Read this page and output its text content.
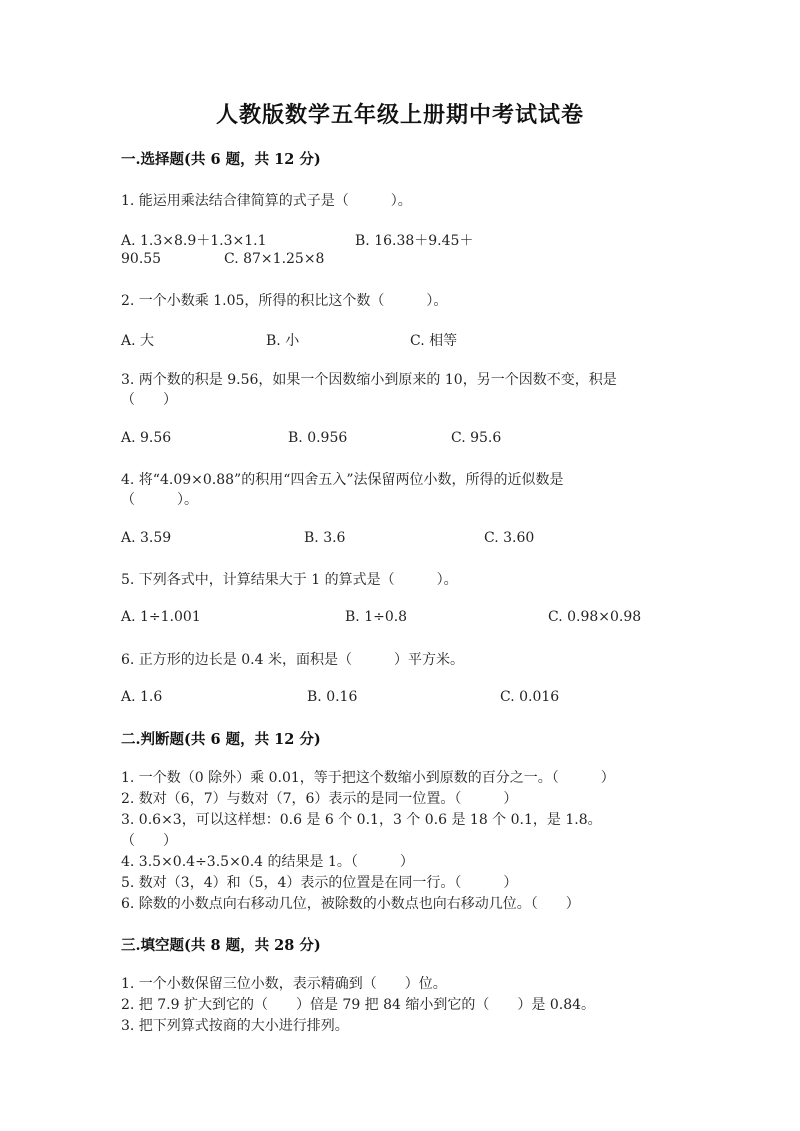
人教版数学五年级上册期中考试试卷
一.选择题(共 6 题，共 12 分)
1. 能运用乘法结合律简算的式子是（　　　）。
A. 1.3×8.9＋1.3×1.1	B. 16.38＋9.45＋
90.55	C. 87×1.25×8
2. 一个小数乘 1.05，所得的积比这个数（　　　）。
A. 大	B. 小	C. 相等
3. 两个数的积是 9.56，如果一个因数缩小到原来的 10，另一个因数不变，积是
（　　）
A. 9.56	B. 0.956	C. 95.6
4. 将“4.09×0.88”的积用“四舍五入”法保留两位小数，所得的近似数是
（　　　）。
A. 3.59	B. 3.6	C. 3.60
5. 下列各式中，计算结果大于 1 的算式是（　　　）。
A. 1÷1.001	B. 1÷0.8	C. 0.98×0.98
6. 正方形的边长是 0.4 米，面积是（　　　）平方米。
A. 1.6	B. 0.16	C. 0.016
二.判断题(共 6 题，共 12 分)
1. 一个数（0 除外）乘 0.01，等于把这个数缩小到原数的百分之一。（　　　）
2. 数对（6，7）与数对（7，6）表示的是同一位置。（　　　）
3. 0.6×3，可以这样想：0.6 是 6 个 0.1，3 个 0.6 是 18 个 0.1，是 1.8。
（　　）
4. 3.5×0.4÷3.5×0.4 的结果是 1。（　　　）
5. 数对（3，4）和（5，4）表示的位置是在同一行。（　　　）
6. 除数的小数点向右移动几位，被除数的小数点也向右移动几位。（　　）
三.填空题(共 8 题，共 28 分)
1. 一个小数保留三位小数，表示精确到（　　）位。
2. 把 7.9 扩大到它的（　　）倍是 79 把 84 缩小到它的（　　）是 0.84。
3. 把下列算式按商的大小进行排列。
